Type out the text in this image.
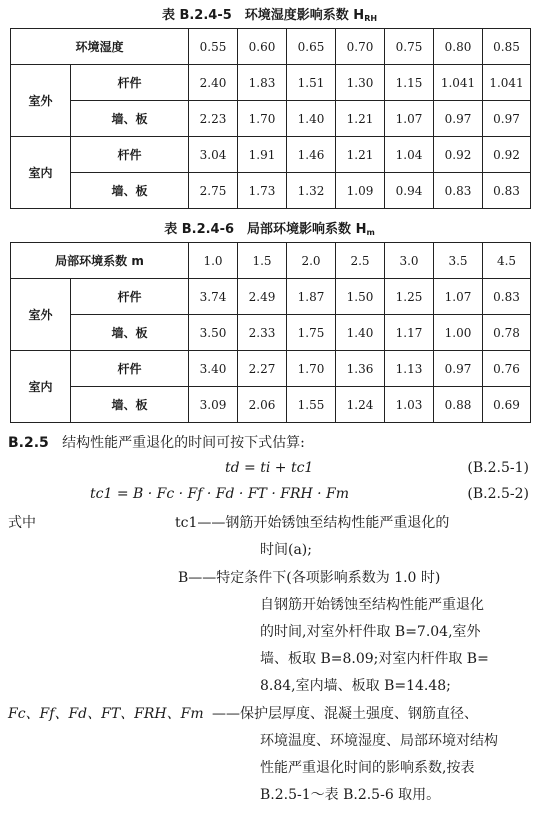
表 B.2.4-5　环境湿度影响系数 $H_{RH}$
环境湿度		0.55	0.60	0.65	0.70	0.75	0.80	0.85
室外	杆件	2.40	1.83	1.51	1.30	1.15	1.041	1.041
	墙、板	2.23	1.70	1.40	1.21	1.07	0.97	0.97
室内	杆件	3.04	1.91	1.46	1.21	1.04	0.92	0.92
	墙、板	2.75	1.73	1.32	1.09	0.94	0.83	0.83
表 B.2.4-6　局部环境影响系数 $H_m$
局部环境系数 m		1.0	1.5	2.0	2.5	3.0	3.5	4.5
室外	杆件	3.74	2.49	1.87	1.50	1.25	1.07	0.83
	墙、板	3.50	2.33	1.75	1.40	1.17	1.00	0.78
室内	杆件	3.40	2.27	1.70	1.36	1.13	0.97	0.76
	墙、板	3.09	2.06	1.55	1.24	1.03	0.88	0.69
B.2.5 结构性能严重退化的时间可按下式估算:
td = ti + tc1	(B.2.5-1)
tc1 = B · Fc · Ff · Fd · FT · FRH · Fm	(B.2.5-2)
式中	tc1——钢筋开始锈蚀至结构性能严重退化的
时间(a);
B——特定条件下(各项影响系数为 1.0 时)
自钢筋开始锈蚀至结构性能严重退化
的时间,对室外杆件取 B=7.04,室外
墙、板取 B=8.09;对室内杆件取 B=
8.84,室内墙、板取 B=14.48;
Fc、Ff、Fd、FT、FRH、Fm ——保护层厚度、混凝土强度、钢筋直径、
环境温度、环境湿度、局部环境对结构
性能严重退化时间的影响系数,按表
B.2.5-1～表 B.2.5-6 取用。
